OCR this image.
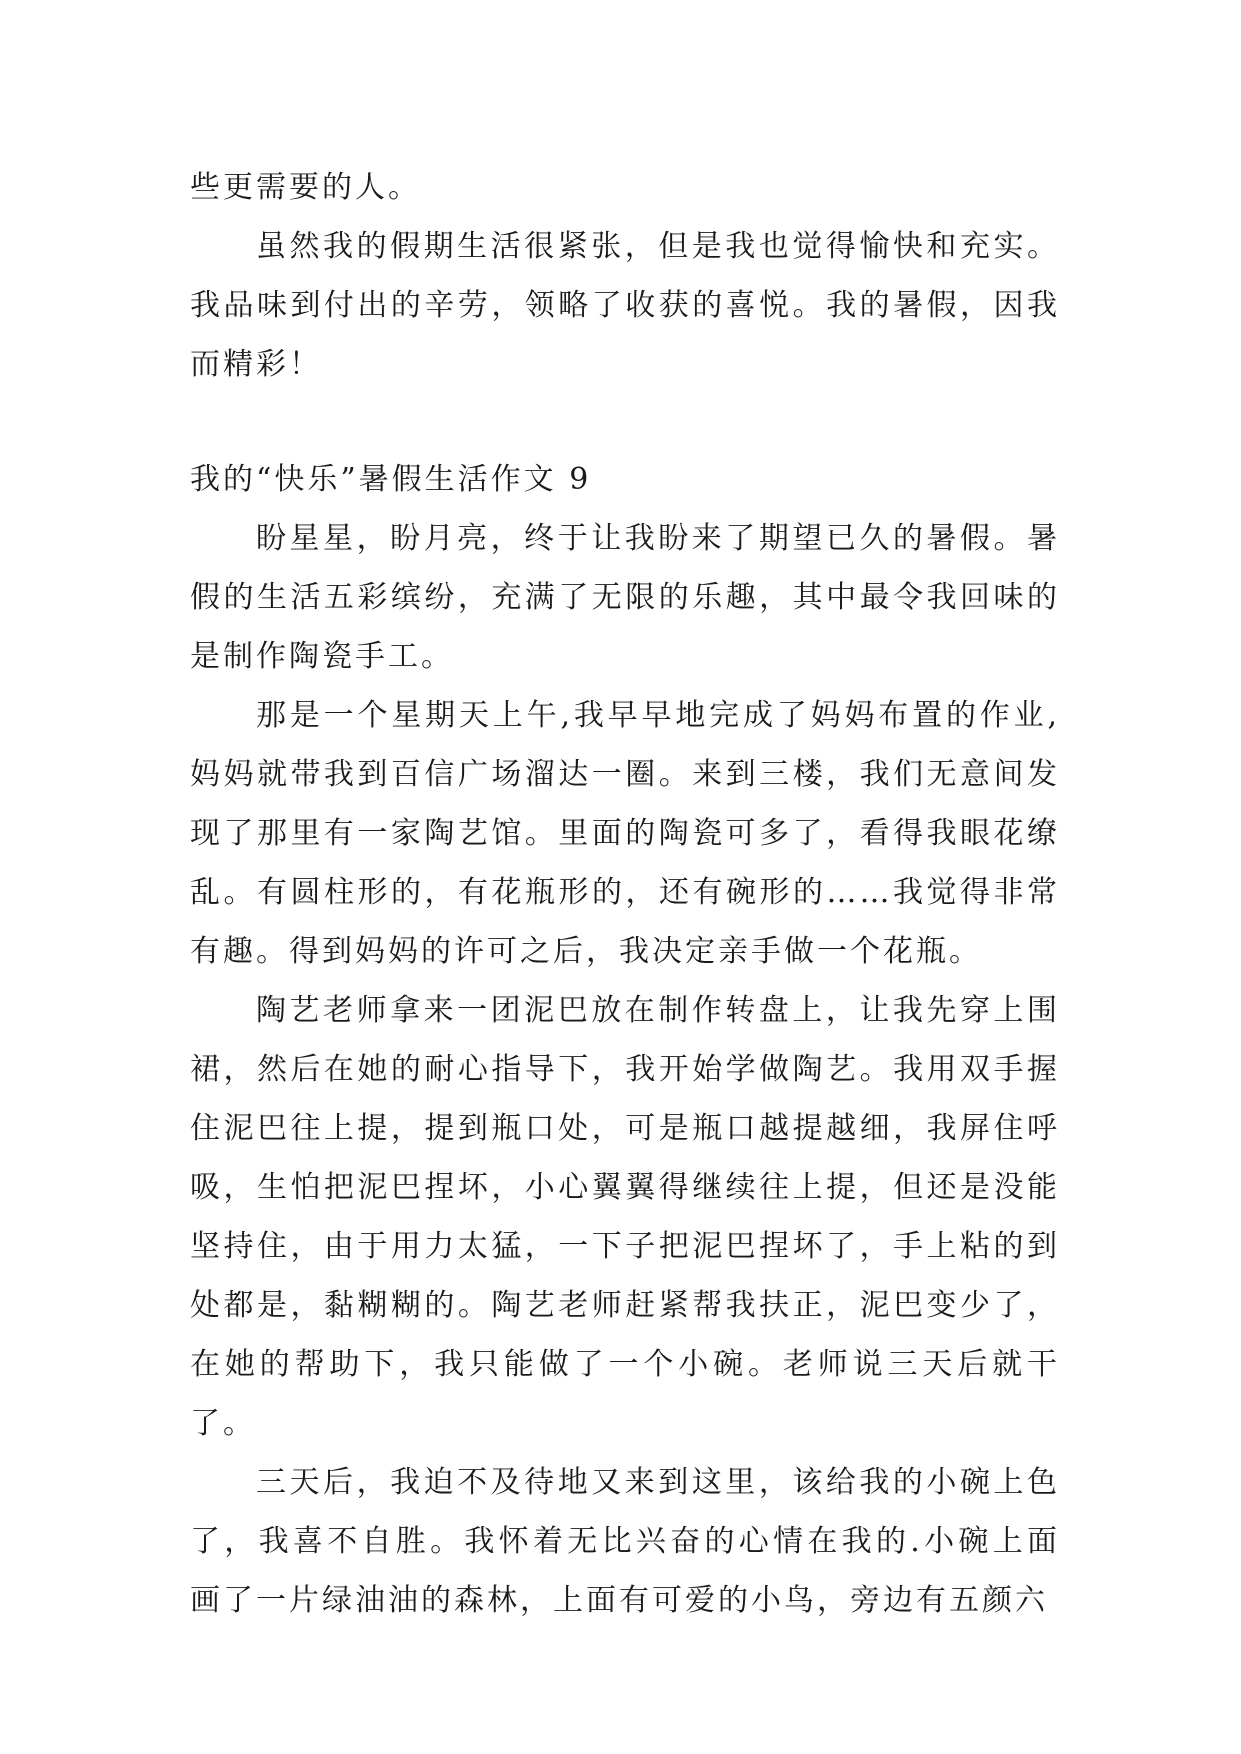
些更需要的人。

虽然我的假期生活很紧张，但是我也觉得愉快和充实。我品味到付出的辛劳，领略了收获的喜悦。我的暑假，因我而精彩！

我的“快乐”暑假生活作文 9

盼星星，盼月亮，终于让我盼来了期望已久的暑假。暑假的生活五彩缤纷，充满了无限的乐趣，其中最令我回味的是制作陶瓷手工。

那是一个星期天上午,我早早地完成了妈妈布置的作业,妈妈就带我到百信广场溜达一圈。来到三楼，我们无意间发现了那里有一家陶艺馆。里面的陶瓷可多了，看得我眼花缭乱。有圆柱形的，有花瓶形的，还有碗形的……我觉得非常有趣。得到妈妈的许可之后，我决定亲手做一个花瓶。

陶艺老师拿来一团泥巴放在制作转盘上，让我先穿上围裙，然后在她的耐心指导下，我开始学做陶艺。我用双手握住泥巴往上提，提到瓶口处，可是瓶口越提越细，我屏住呼吸，生怕把泥巴捏坏，小心翼翼得继续往上提，但还是没能坚持住，由于用力太猛，一下子把泥巴捏坏了，手上粘的到处都是，黏糊糊的。陶艺老师赶紧帮我扶正，泥巴变少了，在她的帮助下，我只能做了一个小碗。老师说三天后就干了。

三天后，我迫不及待地又来到这里，该给我的小碗上色了，我喜不自胜。我怀着无比兴奋的心情在我的.小碗上面画了一片绿油油的森林，上面有可爱的小鸟，旁边有五颜六
